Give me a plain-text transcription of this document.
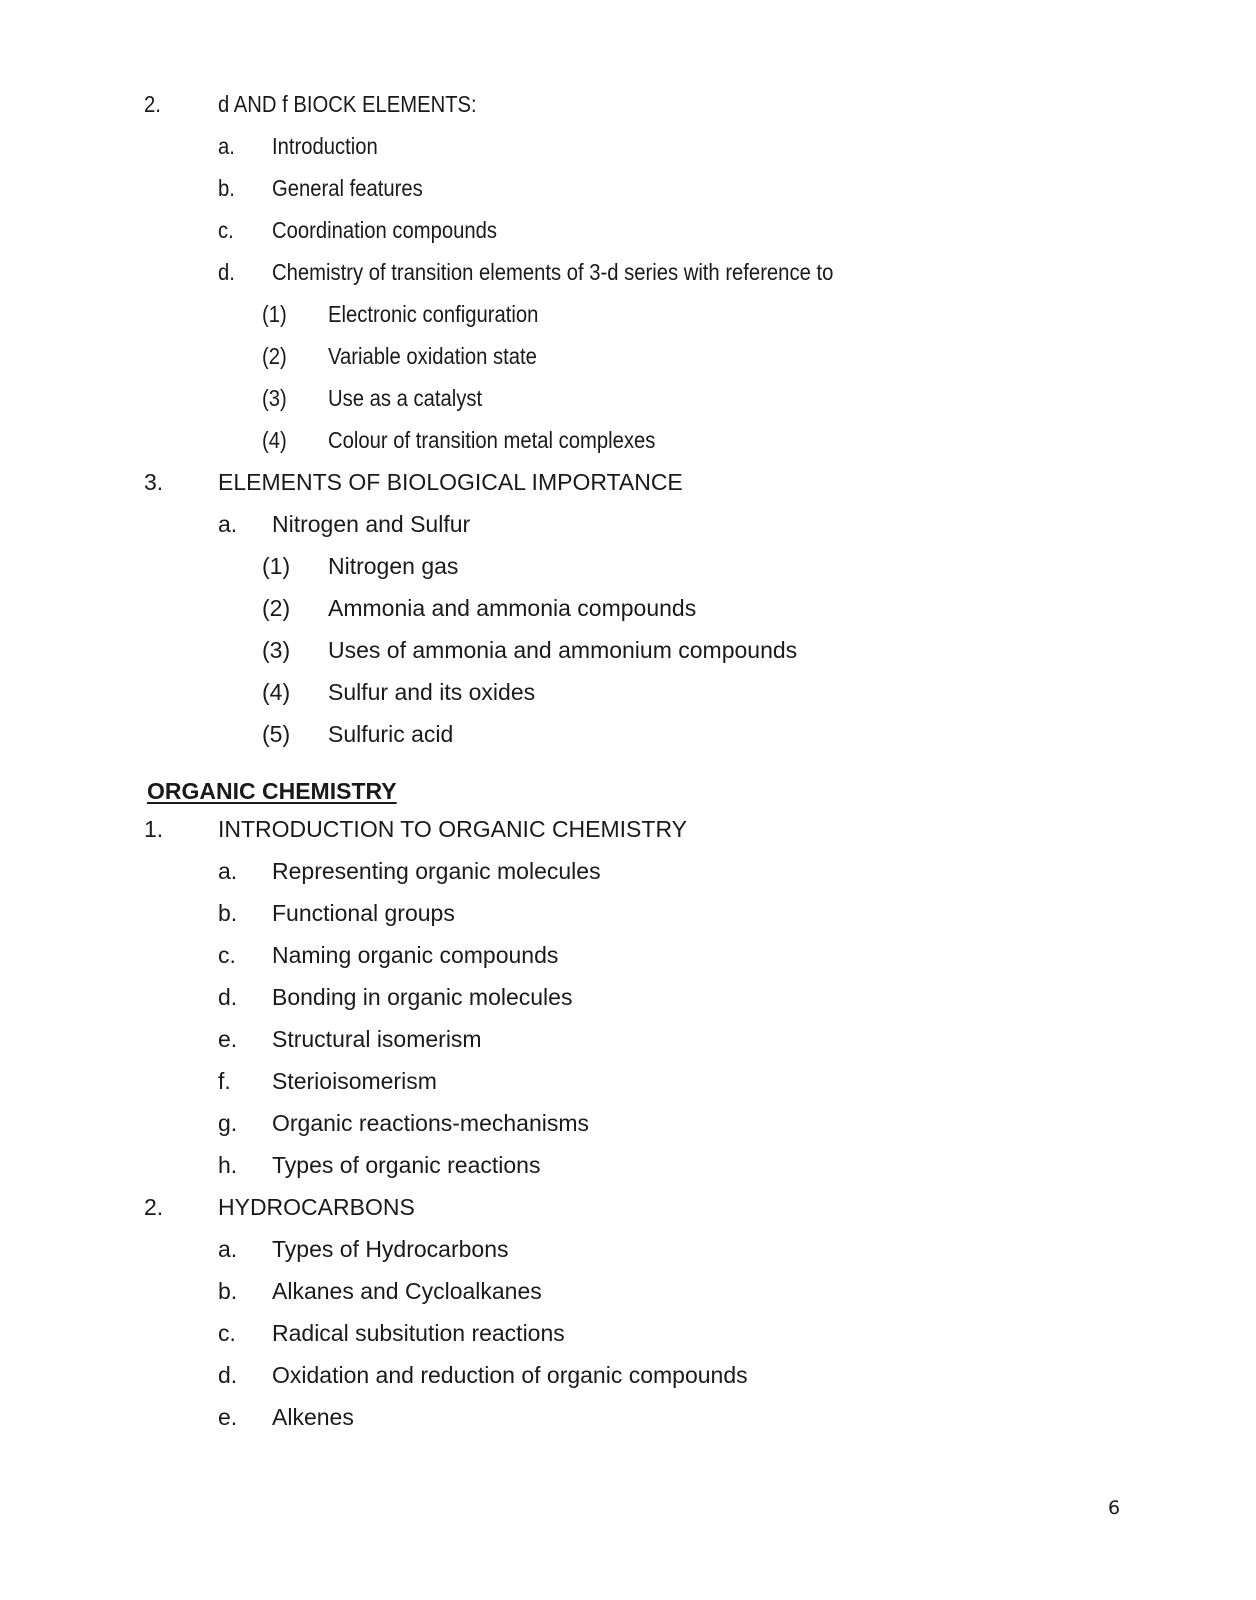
2. d AND f BIOCK ELEMENTS:
a. Introduction
b. General features
c. Coordination compounds
d. Chemistry of transition elements of 3-d series with reference to
(1) Electronic configuration
(2) Variable oxidation state
(3) Use as a catalyst
(4) Colour of transition metal complexes
3. ELEMENTS OF BIOLOGICAL IMPORTANCE
a. Nitrogen and Sulfur
(1) Nitrogen gas
(2) Ammonia and ammonia compounds
(3) Uses of ammonia and ammonium compounds
(4) Sulfur and its oxides
(5) Sulfuric acid
1. INTRODUCTION TO ORGANIC CHEMISTRY
a. Representing organic molecules
b. Functional groups
c. Naming organic compounds
d. Bonding in organic molecules
e. Structural isomerism
f. Sterioisomerism
g. Organic reactions-mechanisms
h. Types of organic reactions
2. HYDROCARBONS
a. Types of Hydrocarbons
b. Alkanes and Cycloalkanes
c. Radical subsitution reactions
d. Oxidation and reduction of organic compounds
e. Alkenes
ORGANIC CHEMISTRY
6
